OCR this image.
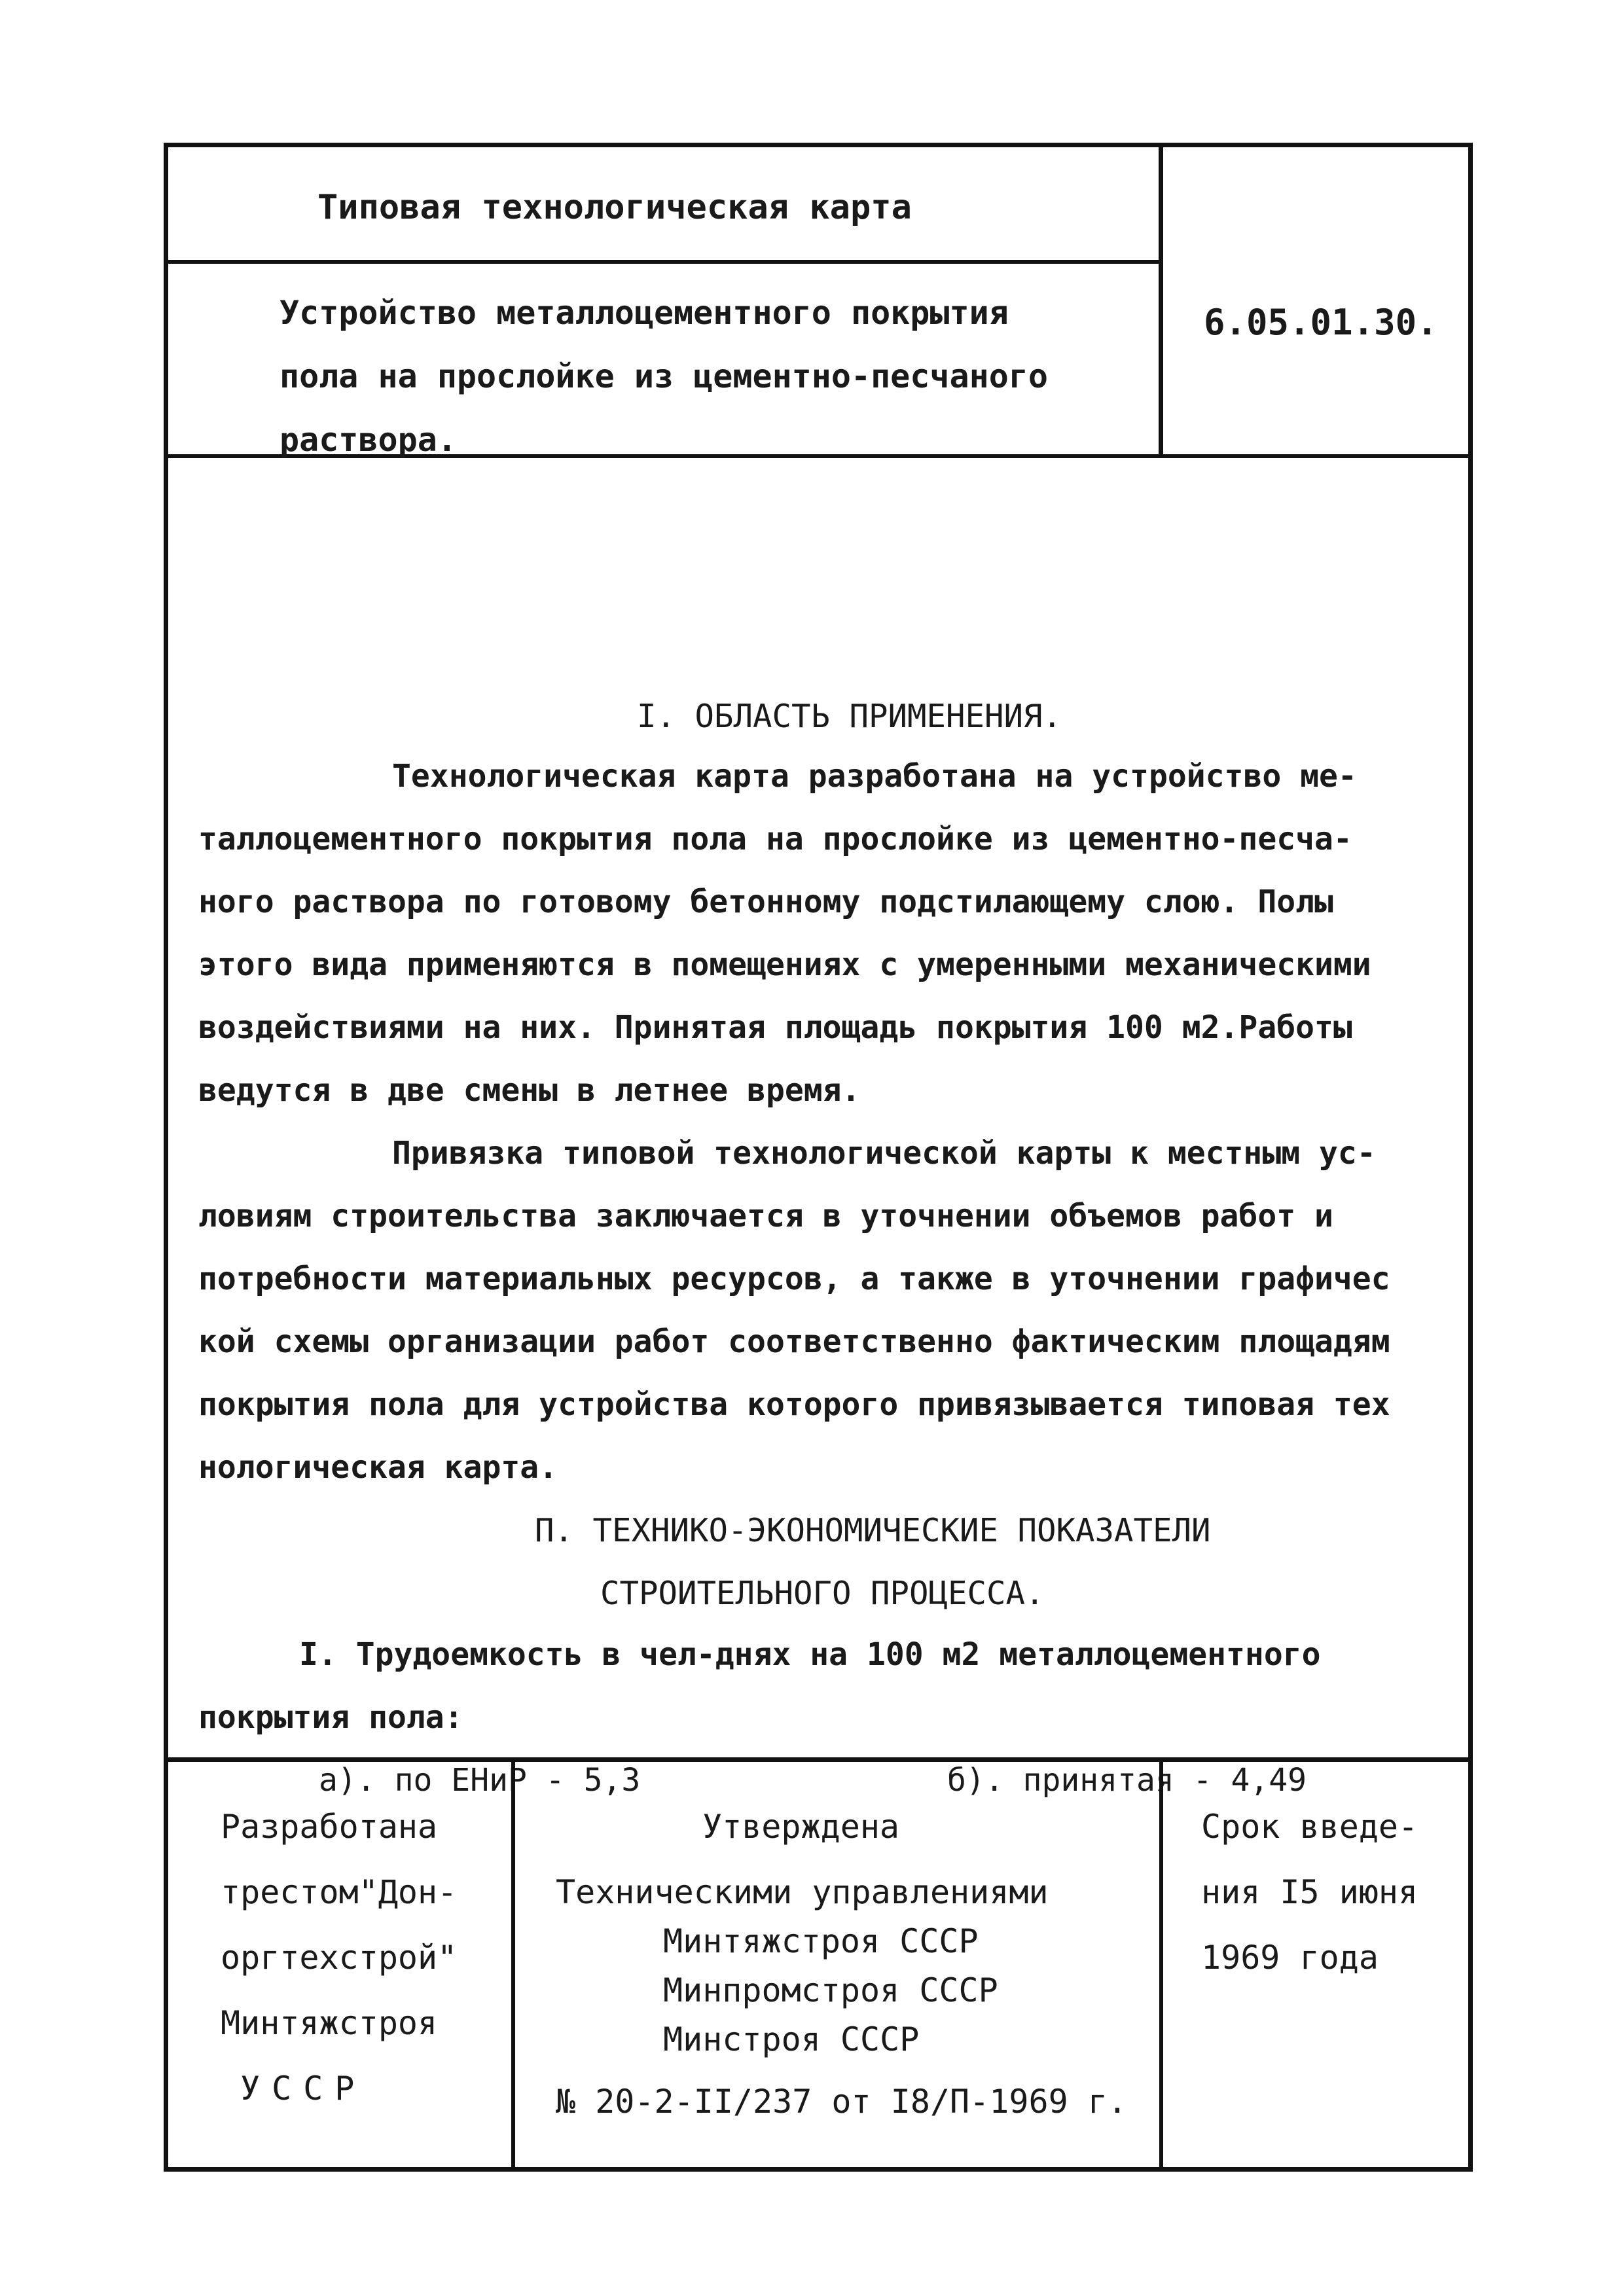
Типовая технологическая карта
Устройство металлоцементного покрытия
пола на прослойке из цементно-песчаного
раствора.
6.05.01.30.
I. ОБЛАСТЬ ПРИМЕНЕНИЯ.
Технологическая карта разработана на устройство ме-
таллоцементного покрытия пола на прослойке из цементно-песча-
ного раствора по готовому бетонному подстилающему слою. Полы
этого вида применяются в помещениях с умеренными механическими
воздействиями на них. Принятая площадь покрытия 100 м2.Работы
ведутся в две смены в летнее время.
Привязка типовой технологической карты к местным ус-
ловиям строительства заключается в уточнении объемов работ и
потребности материальных ресурсов, а также в уточнении графичес
кой схемы организации работ соответственно фактическим площадям
покрытия пола для устройства которого привязывается типовая тех
нологическая карта.
П. ТЕХНИКО-ЭКОНОМИЧЕСКИЕ ПОКАЗАТЕЛИ
СТРОИТЕЛЬНОГО ПРОЦЕССА.
I. Трудоемкость в чел-днях на 100 м2 металлоцементного
покрытия пола:
а). по ЕНиР - 5,3	б). принятая - 4,49
Разработана
трестом"Дон-
оргтехстрой"
Минтяжстроя
УССР
Утверждена
Техническими управлениями
Минтяжстроя СССР
Минпромстроя СССР
Минстроя СССР
№ 20-2-II/237 от I8/П-1969 г.
Срок введе-
ния I5 июня
1969 года
